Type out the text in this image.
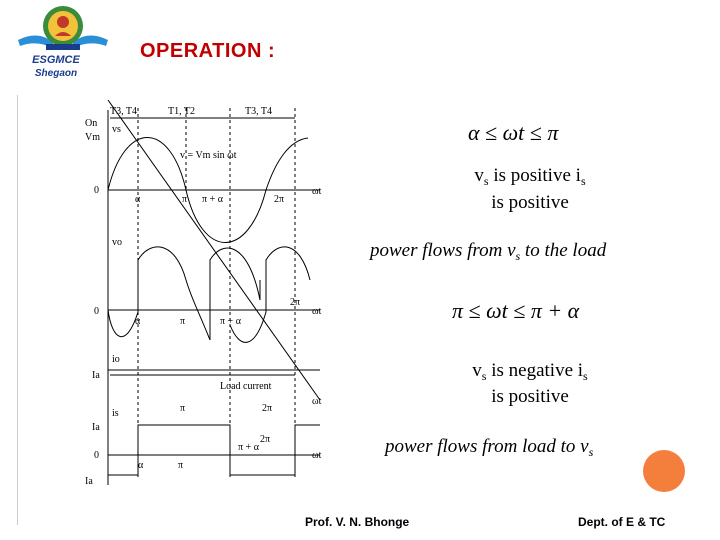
ESGMCE
Shegaon
OPERATION :
T3, T4	T1, T2	T3, T4
On
vs
Vm
v = Vm sin ωt
0
α	π π + α	2π
ωt
vo
0
α	π	π + α
2π
ωt
io
Ia
Load current
π	2π
ωt
is
Ia
0
α	π
π + α
2π
ωt
Ia
α ≤ ωt ≤ π
$v_s$ is positive $i_s$
is positive
power flows from $v_s$ to the load
π ≤ ωt ≤ π + α
$v_s$ is negative $i_s$
is positive
power flows from load to $v_s$
Prof. V. N. Bhonge	Dept. of E & TC
